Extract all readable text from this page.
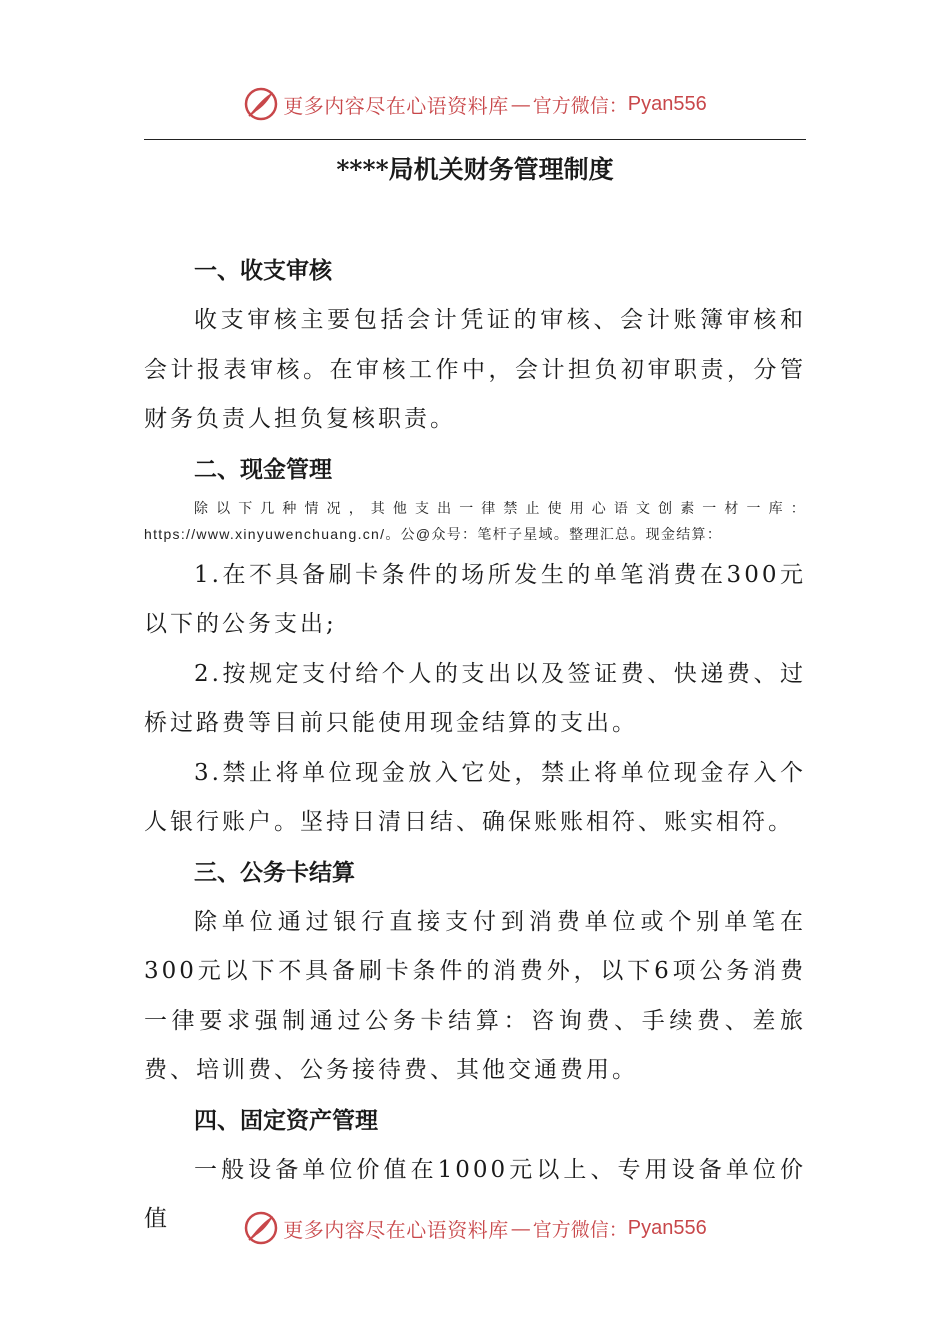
更多内容尽在心语资料库 — 官方微信： Pyan556
****局机关财务管理制度
一、收支审核

收支审核主要包括会计凭证的审核、会计账簿审核和会计报表审核。在审核工作中，会计担负初审职责，分管财务负责人担负复核职责。

二、现金管理
除以下几种情况，其他支出一律禁止使用心语文创素一材一库：https://www.xinyuwenchuang.cn/。公@众号：笔杆子星域。整理汇总。现金结算：

1.在不具备刷卡条件的场所发生的单笔消费在300元以下的公务支出;

2.按规定支付给个人的支出以及签证费、快递费、过桥过路费等目前只能使用现金结算的支出。

3.禁止将单位现金放入它处，禁止将单位现金存入个人银行账户。坚持日清日结、确保账账相符、账实相符。

三、公务卡结算

除单位通过银行直接支付到消费单位或个别单笔在300元以下不具备刷卡条件的消费外，以下6项公务消费一律要求强制通过公务卡结算：咨询费、手续费、差旅费、培训费、公务接待费、其他交通费用。

四、固定资产管理

一般设备单位价值在1000元以上、专用设备单位价值	更多内容尽在心语资料库 — 官方微信： Pyan556
